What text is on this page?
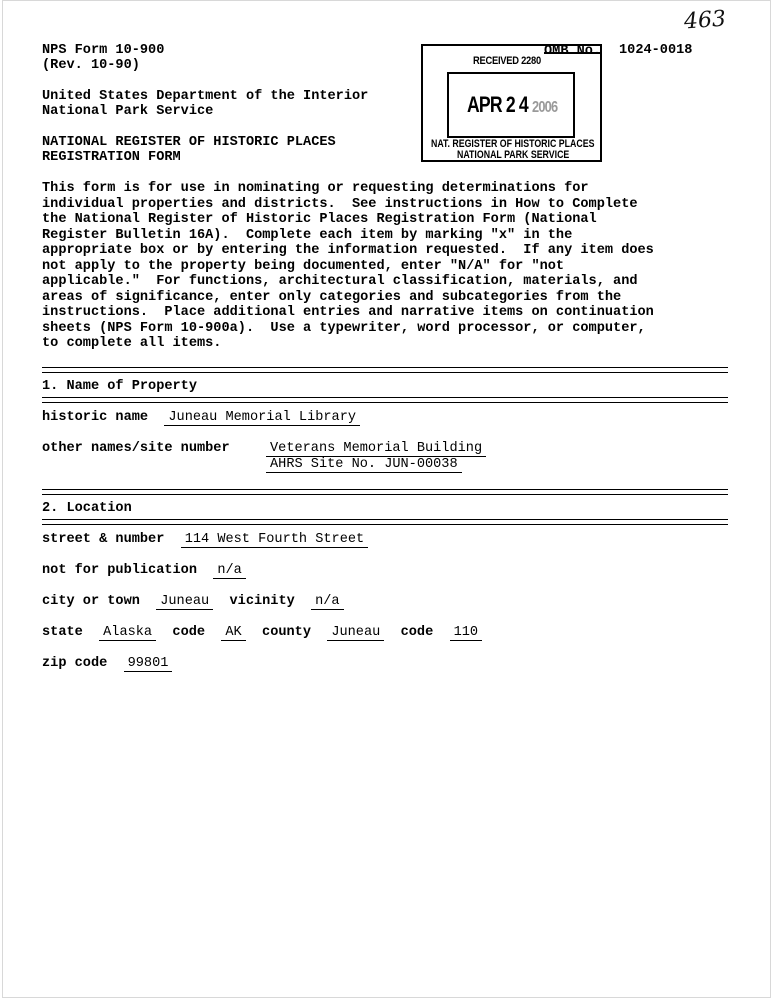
463
NPS Form 10-900
(Rev. 10-90)
United States Department of the Interior
National Park Service
NATIONAL REGISTER OF HISTORIC PLACES
REGISTRATION FORM
OMB No. 1024-0018
RECEIVED 2280
APR 2 4 2006
NAT. REGISTER OF HISTORIC PLACES
NATIONAL PARK SERVICE
This form is for use in nominating or requesting determinations for
individual properties and districts.  See instructions in How to Complete
the National Register of Historic Places Registration Form (National
Register Bulletin 16A).  Complete each item by marking "x" in the
appropriate box or by entering the information requested.  If any item does
not apply to the property being documented, enter "N/A" for "not
applicable."  For functions, architectural classification, materials, and
areas of significance, enter only categories and subcategories from the
instructions.  Place additional entries and narrative items on continuation
sheets (NPS Form 10-900a).  Use a typewriter, word processor, or computer,
to complete all items.
1. Name of Property
historic name Juneau Memorial Library
other names/site number	Veterans Memorial Building
AHRS Site No. JUN-00038
2. Location
street & number 114 West Fourth Street
not for publication n/a
city or town Juneau vicinity n/a
state Alaska code AK county Juneau code 110
zip code 99801
